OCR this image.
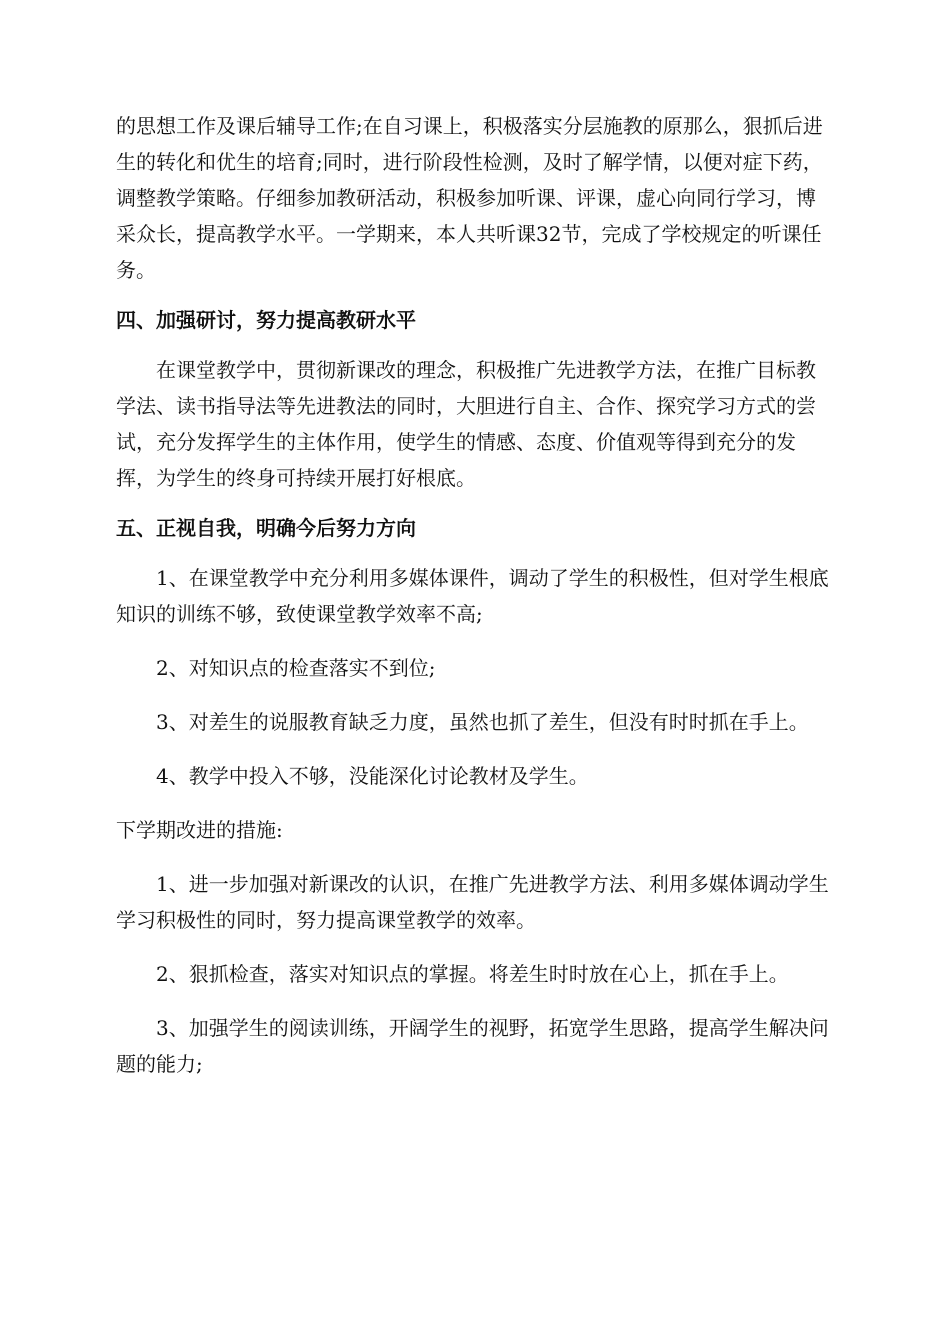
的思想工作及课后辅导工作;在自习课上，积极落实分层施教的原那么，狠抓后进生的转化和优生的培育;同时，进行阶段性检测，及时了解学情，以便对症下药，调整教学策略。仔细参加教研活动，积极参加听课、评课，虚心向同行学习，博采众长，提高教学水平。一学期来，本人共听课32节，完成了学校规定的听课任务。

四、加强研讨，努力提高教研水平

在课堂教学中，贯彻新课改的理念，积极推广先进教学方法，在推广目标教学法、读书指导法等先进教法的同时，大胆进行自主、合作、探究学习方式的尝试，充分发挥学生的主体作用，使学生的情感、态度、价值观等得到充分的发挥，为学生的终身可持续开展打好根底。

五、正视自我，明确今后努力方向

1、在课堂教学中充分利用多媒体课件，调动了学生的积极性，但对学生根底知识的训练不够，致使课堂教学效率不高;

2、对知识点的检查落实不到位;

3、对差生的说服教育缺乏力度，虽然也抓了差生，但没有时时抓在手上。

4、教学中投入不够，没能深化讨论教材及学生。

下学期改进的措施:

1、进一步加强对新课改的认识，在推广先进教学方法、利用多媒体调动学生学习积极性的同时，努力提高课堂教学的效率。

2、狠抓检查，落实对知识点的掌握。将差生时时放在心上，抓在手上。

3、加强学生的阅读训练，开阔学生的视野，拓宽学生思路，提高学生解决问题的能力;
